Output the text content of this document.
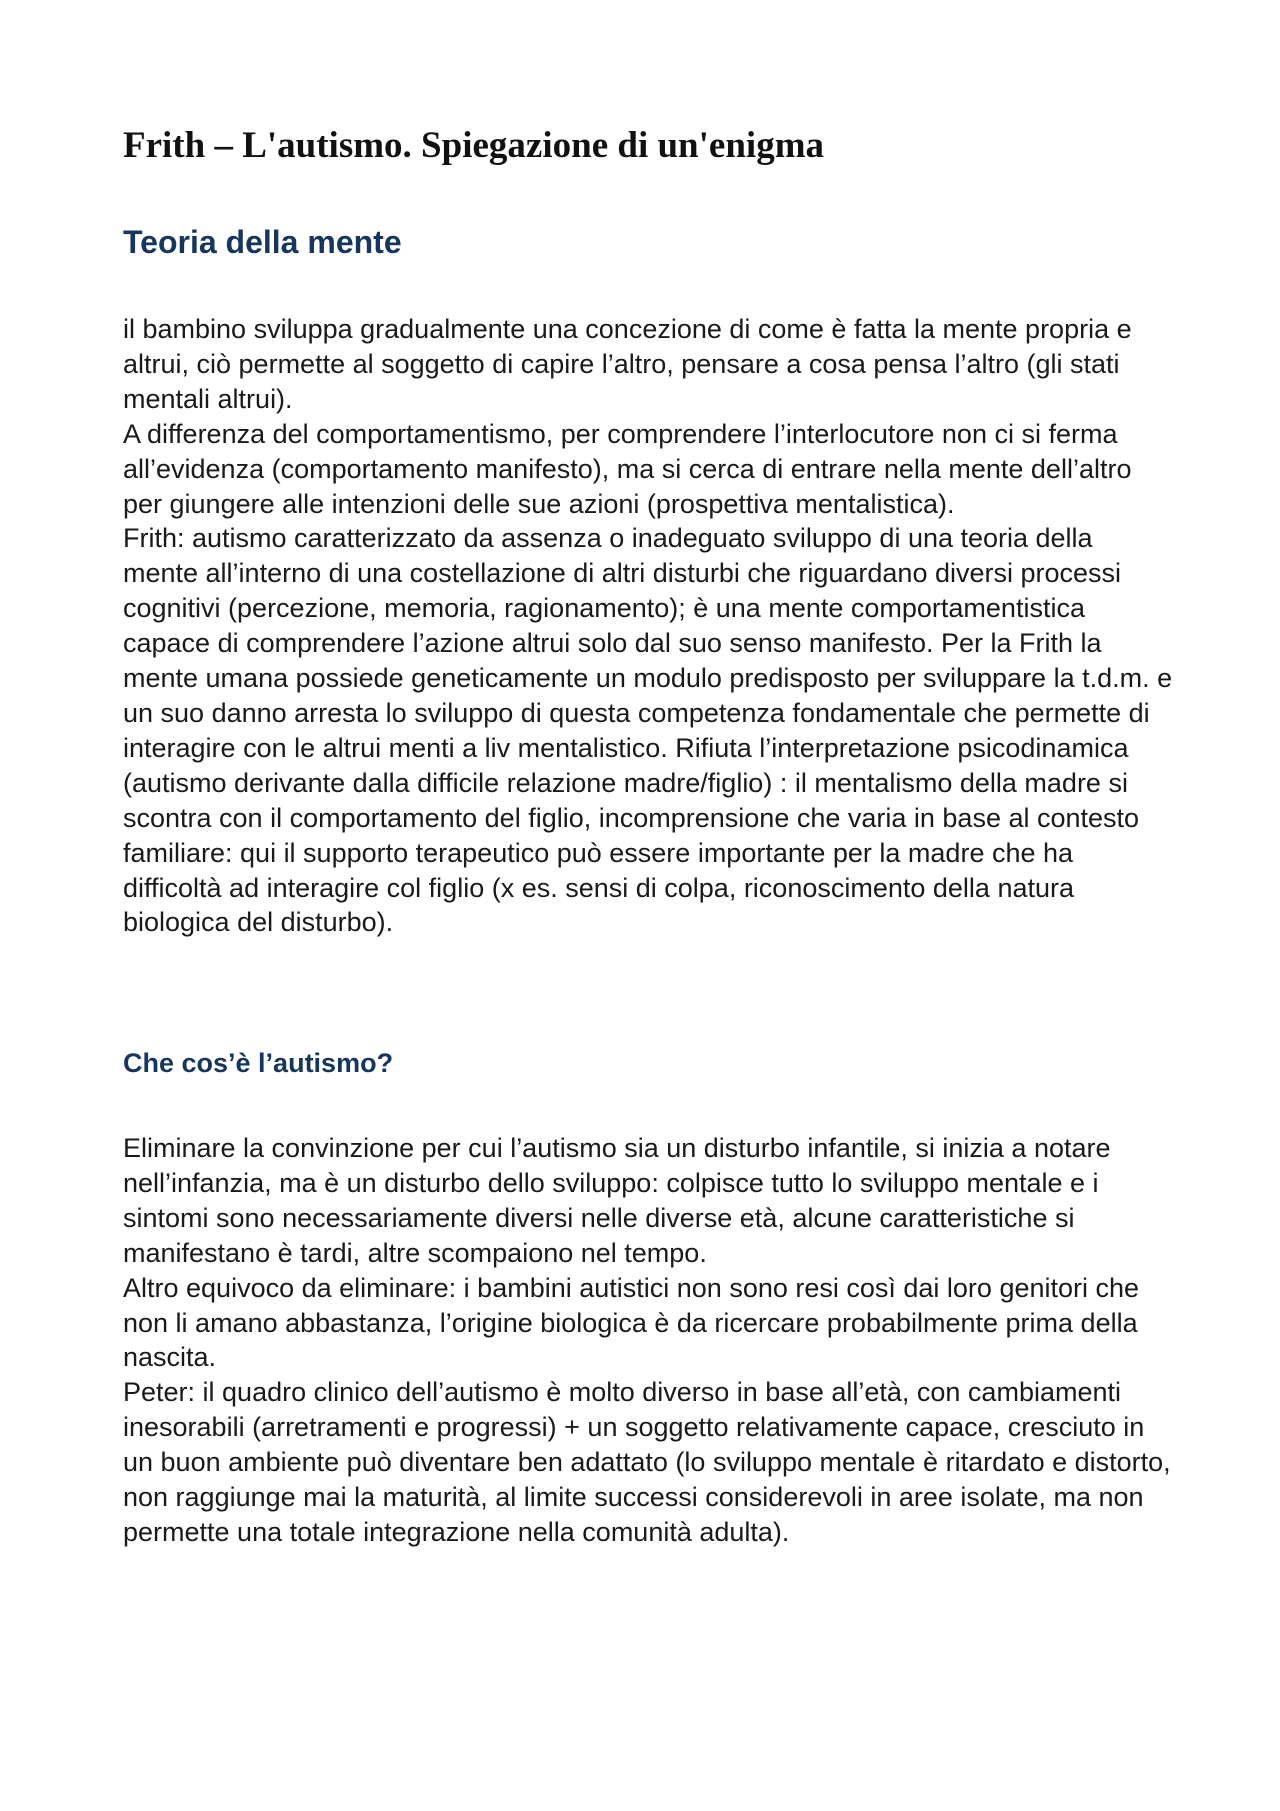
Frith – L'autismo. Spiegazione di un'enigma
Teoria della mente

il bambino sviluppa gradualmente una concezione di come è fatta la mente propria e altrui, ciò permette al soggetto di capire l’altro, pensare a cosa pensa l’altro (gli stati mentali altrui).

A differenza del comportamentismo, per comprendere l’interlocutore non ci si ferma all’evidenza (comportamento manifesto), ma si cerca di entrare nella mente dell’altro per giungere alle intenzioni delle sue azioni (prospettiva mentalistica).

Frith: autismo caratterizzato da assenza o inadeguato sviluppo di una teoria della mente all’interno di una costellazione di altri disturbi che riguardano diversi processi cognitivi (percezione, memoria, ragionamento); è una mente comportamentistica capace di comprendere l’azione altrui solo dal suo senso manifesto. Per la Frith la mente umana possiede geneticamente un modulo predisposto per sviluppare la t.d.m. e un suo danno arresta lo sviluppo di questa competenza fondamentale che permette di interagire con le altrui menti a liv mentalistico. Rifiuta l’interpretazione psicodinamica (autismo derivante dalla difficile relazione madre/figlio) : il mentalismo della madre si scontra con il comportamento del figlio, incomprensione che varia in base al contesto familiare: qui il supporto terapeutico può essere importante per la madre che ha difficoltà ad interagire col figlio (x es. sensi di colpa, riconoscimento della natura biologica del disturbo).

Che cos’è l’autismo?

Eliminare la convinzione per cui l’autismo sia un disturbo infantile, si inizia a notare nell’infanzia, ma è un disturbo dello sviluppo: colpisce tutto lo sviluppo mentale e i sintomi sono necessariamente diversi nelle diverse età, alcune caratteristiche si manifestano è tardi, altre scompaiono nel tempo.

Altro equivoco da eliminare: i bambini autistici non sono resi così dai loro genitori che non li amano abbastanza, l’origine biologica è da ricercare probabilmente prima della nascita.

Peter: il quadro clinico dell’autismo è molto diverso in base all’età, con cambiamenti inesorabili (arretramenti e progressi) + un soggetto relativamente capace, cresciuto in un buon ambiente può diventare ben adattato (lo sviluppo mentale è ritardato e distorto, non raggiunge mai la maturità, al limite successi considerevoli in aree isolate, ma non permette una totale integrazione nella comunità adulta).
